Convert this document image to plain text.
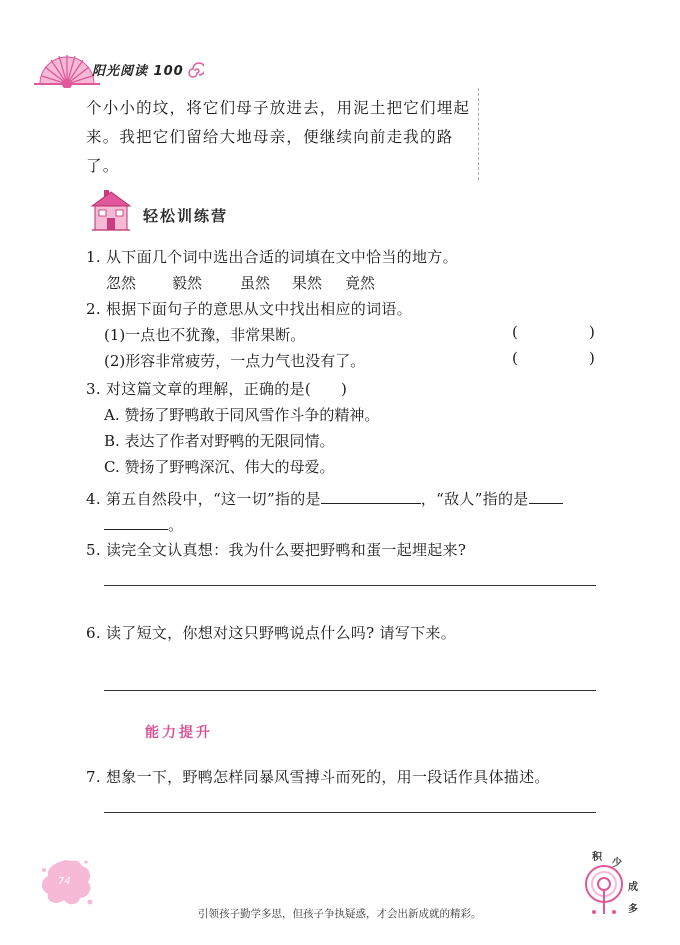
阳光阅读 100
个小小的坟，将它们母子放进去，用泥土把它们埋起
来。我把它们留给大地母亲，便继续向前走我的路
了。
轻松训练营
1. 从下面几个词中选出合适的词填在文中恰当的地方。
忽然 毅然	虽然 果然 竟然
2. 根据下面句子的意思从文中找出相应的词语。
(1)一点也不犹豫，非常果断。	(	)
(2)形容非常疲劳，一点力气也没有了。	(	)
3. 对这篇文章的理解，正确的是( )
A. 赞扬了野鸭敢于同风雪作斗争的精神。
B. 表达了作者对野鸭的无限同情。
C. 赞扬了野鸭深沉、伟大的母爱。
4. 第五自然段中，“这一切”指的是	，“敌人”指的是
。
5. 读完全文认真想：我为什么要把野鸭和蛋一起埋起来?
6. 读了短文，你想对这只野鸭说点什么吗? 请写下来。
能力提升
7. 想象一下，野鸭怎样同暴风雪搏斗而死的，用一段话作具体描述。
74
引领孩子勤学多思，但孩子争执疑惑，才会出新成就的精彩。
积
少
成
多
